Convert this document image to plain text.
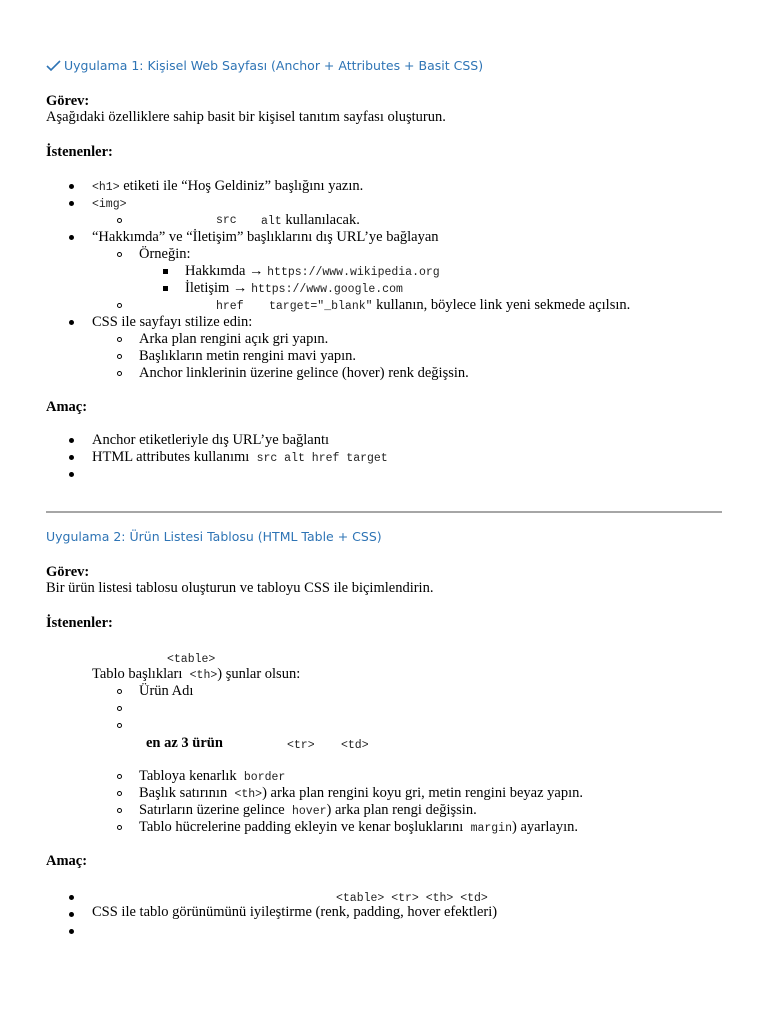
Uygulama 1: Kişisel Web Sayfası (Anchor + Attributes + Basit CSS)
Görev:
Aşağıdaki özelliklere sahip basit bir kişisel tanıtım sayfası oluşturun.
İstenenler:
<h1> etiketi ile “Hoş Geldiniz” başlığını yazın.
<img>
src alt kullanılacak.
“Hakkımda” ve “İletişim” başlıklarını dış URL’ye bağlayan
Örneğin:
Hakkımda → https://www.wikipedia.org
İletişim → https://www.google.com
href target="_blank" kullanın, böylece link yeni sekmede açılsın.
CSS ile sayfayı stilize edin:
Arka plan rengini açık gri yapın.
Başlıkların metin rengini mavi yapın.
Anchor linklerinin üzerine gelince (hover) renk değişsin.
Amaç:
Anchor etiketleriyle dış URL’ye bağlantı
HTML attributes kullanımı src alt href target
Uygulama 2: Ürün Listesi Tablosu (HTML Table + CSS)
Görev:
Bir ürün listesi tablosu oluşturun ve tabloyu CSS ile biçimlendirin.
İstenenler:
<table>
Tablo başlıkları <th>) şunlar olsun:
Ürün Adı
en az 3 ürün	<tr> <td>
Tabloya kenarlık border
Başlık satırının <th>) arka plan rengini koyu gri, metin rengini beyaz yapın.
Satırların üzerine gelince hover) arka plan rengi değişsin.
Tablo hücrelerine padding ekleyin ve kenar boşluklarını margin) ayarlayın.
Amaç:
<table> <tr> <th> <td>
CSS ile tablo görünümünü iyileştirme (renk, padding, hover efektleri)
